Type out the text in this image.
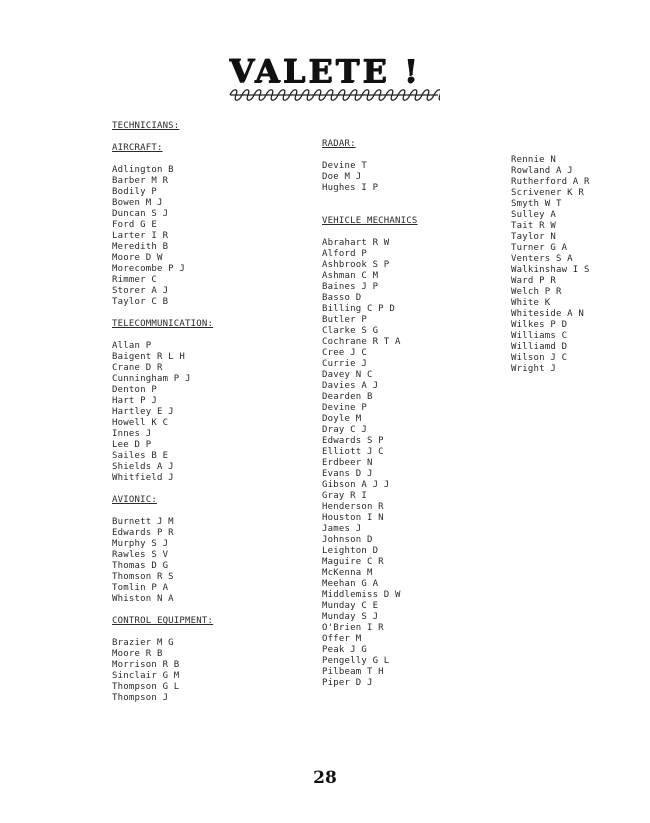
VALETE !
TECHNICIANS:
AIRCRAFT:
Adlington B
Barber M R
Bodily P
Bowen M J
Duncan S J
Ford G E
Larter I R
Meredith B
Moore D W
Morecombe P J
Rimmer C
Storer A J
Taylor C B
TELECOMMUNICATION:
Allan P
Baigent R L H
Crane D R
Cunningham P J
Denton P
Hart P J
Hartley E J
Howell K C
Innes J
Lee D P
Sailes B E
Shields A J
Whitfield J
AVIONIC:
Burnett J M
Edwards P R
Murphy S J
Rawles S V
Thomas D G
Thomson R S
Tomlin P A
Whiston N A
CONTROL EQUIPMENT:
Brazier M G
Moore R B
Morrison R B
Sinclair G M
Thompson G L
Thompson J
RADAR:
Devine T
Doe M J
Hughes I P
VEHICLE MECHANICS
Abrahart R W
Alford P
Ashbrook S P
Ashman C M
Baines J P
Basso D
Billing C P D
Butler P
Clarke S G
Cochrane R T A
Cree J C
Currie J
Davey N C
Davies A J
Dearden B
Devine P
Doyle M
Dray C J
Edwards S P
Elliott J C
Erdbeer N
Evans D J
Gibson A J J
Gray R I
Henderson R
Houston I N
James J
Johnson D
Leighton D
Maguire C R
McKenna M
Meehan G A
Middlemiss D W
Munday C E
Munday S J
O'Brien I R
Offer M
Peak J G
Pengelly G L
Pilbeam T H
Piper D J
Rennie N
Rowland A J
Rutherford A R
Scrivener K R
Smyth W T
Sulley A
Tait R W
Taylor N
Turner G A
Venters S A
Walkinshaw I S
Ward P R
Welch P R
White K
Whiteside A N
Wilkes P D
Williams C
Williamd D
Wilson J C
Wright J
28
